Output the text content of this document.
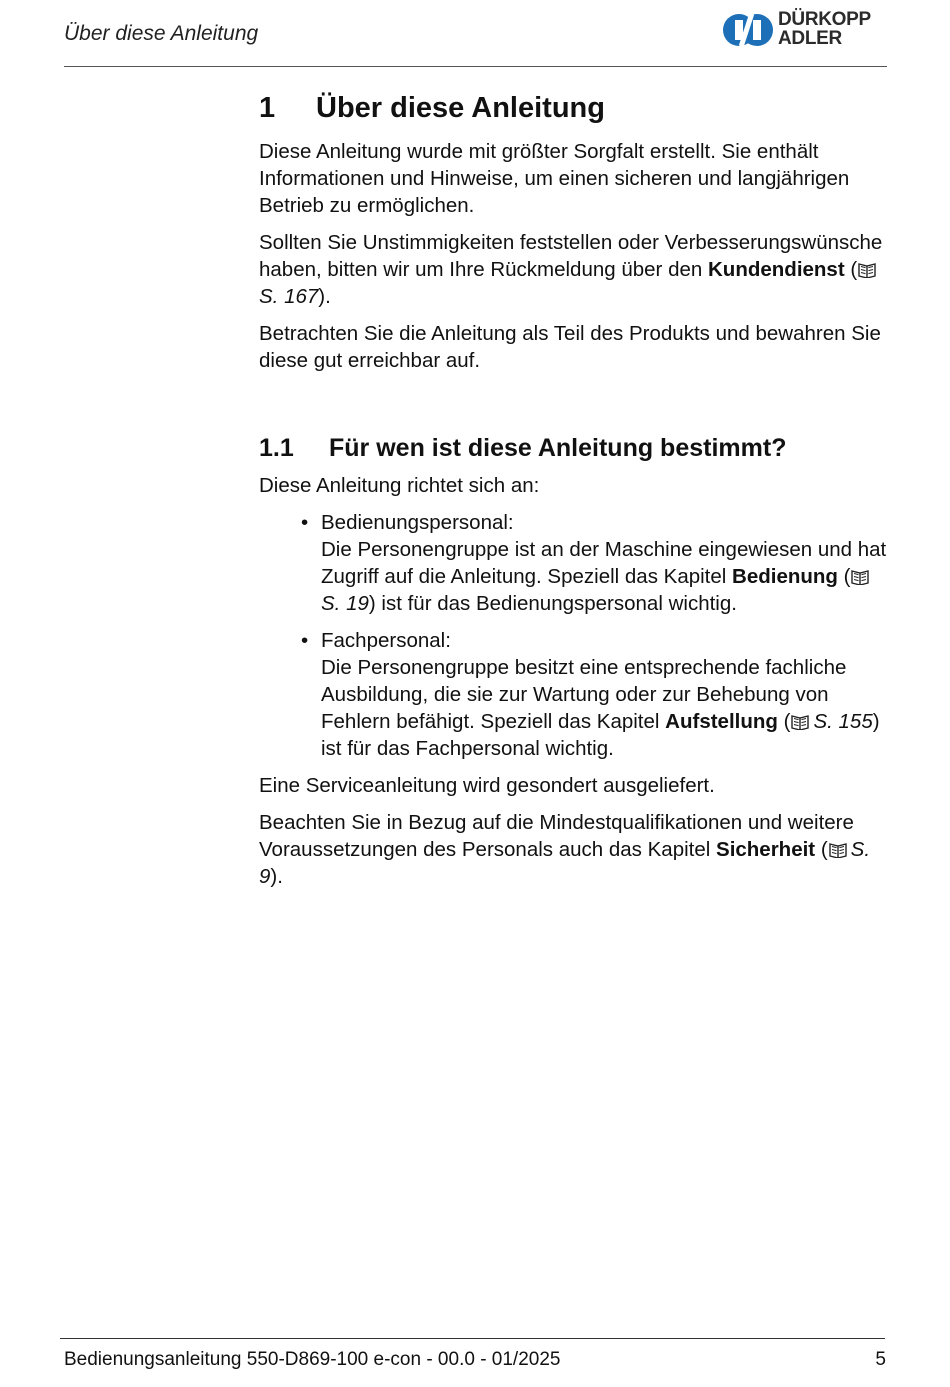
Über diese Anleitung
DÜRKOPP
ADLER
1 Über diese Anleitung

Diese Anleitung wurde mit größter Sorgfalt erstellt. Sie enthält Informationen und Hinweise, um einen sicheren und langjährigen Betrieb zu ermöglichen.

Sollten Sie Unstimmigkeiten feststellen oder Verbesserungswünsche haben, bitten wir um Ihre Rückmeldung über den Kundendienst (S. 167).

Betrachten Sie die Anleitung als Teil des Produkts und bewahren Sie diese gut erreichbar auf.

1.1 Für wen ist diese Anleitung bestimmt?

Diese Anleitung richtet sich an:

• Bedienungspersonal:
Die Personengruppe ist an der Maschine eingewiesen und hat Zugriff auf die Anleitung. Speziell das Kapitel Bedienung (S. 19) ist für das Bedienungspersonal wichtig.
• Fachpersonal:
Die Personengruppe besitzt eine entsprechende fachliche Ausbildung, die sie zur Wartung oder zur Behebung von Fehlern befähigt. Speziell das Kapitel Aufstellung ( S. 155) ist für das Fachpersonal wichtig.

Eine Serviceanleitung wird gesondert ausgeliefert.

Beachten Sie in Bezug auf die Mindestqualifikationen und weitere Voraussetzungen des Personals auch das Kapitel Sicherheit ( S. 9).

Bedienungsanleitung 550-D869-100 e-con - 00.0 - 01/2025	5
